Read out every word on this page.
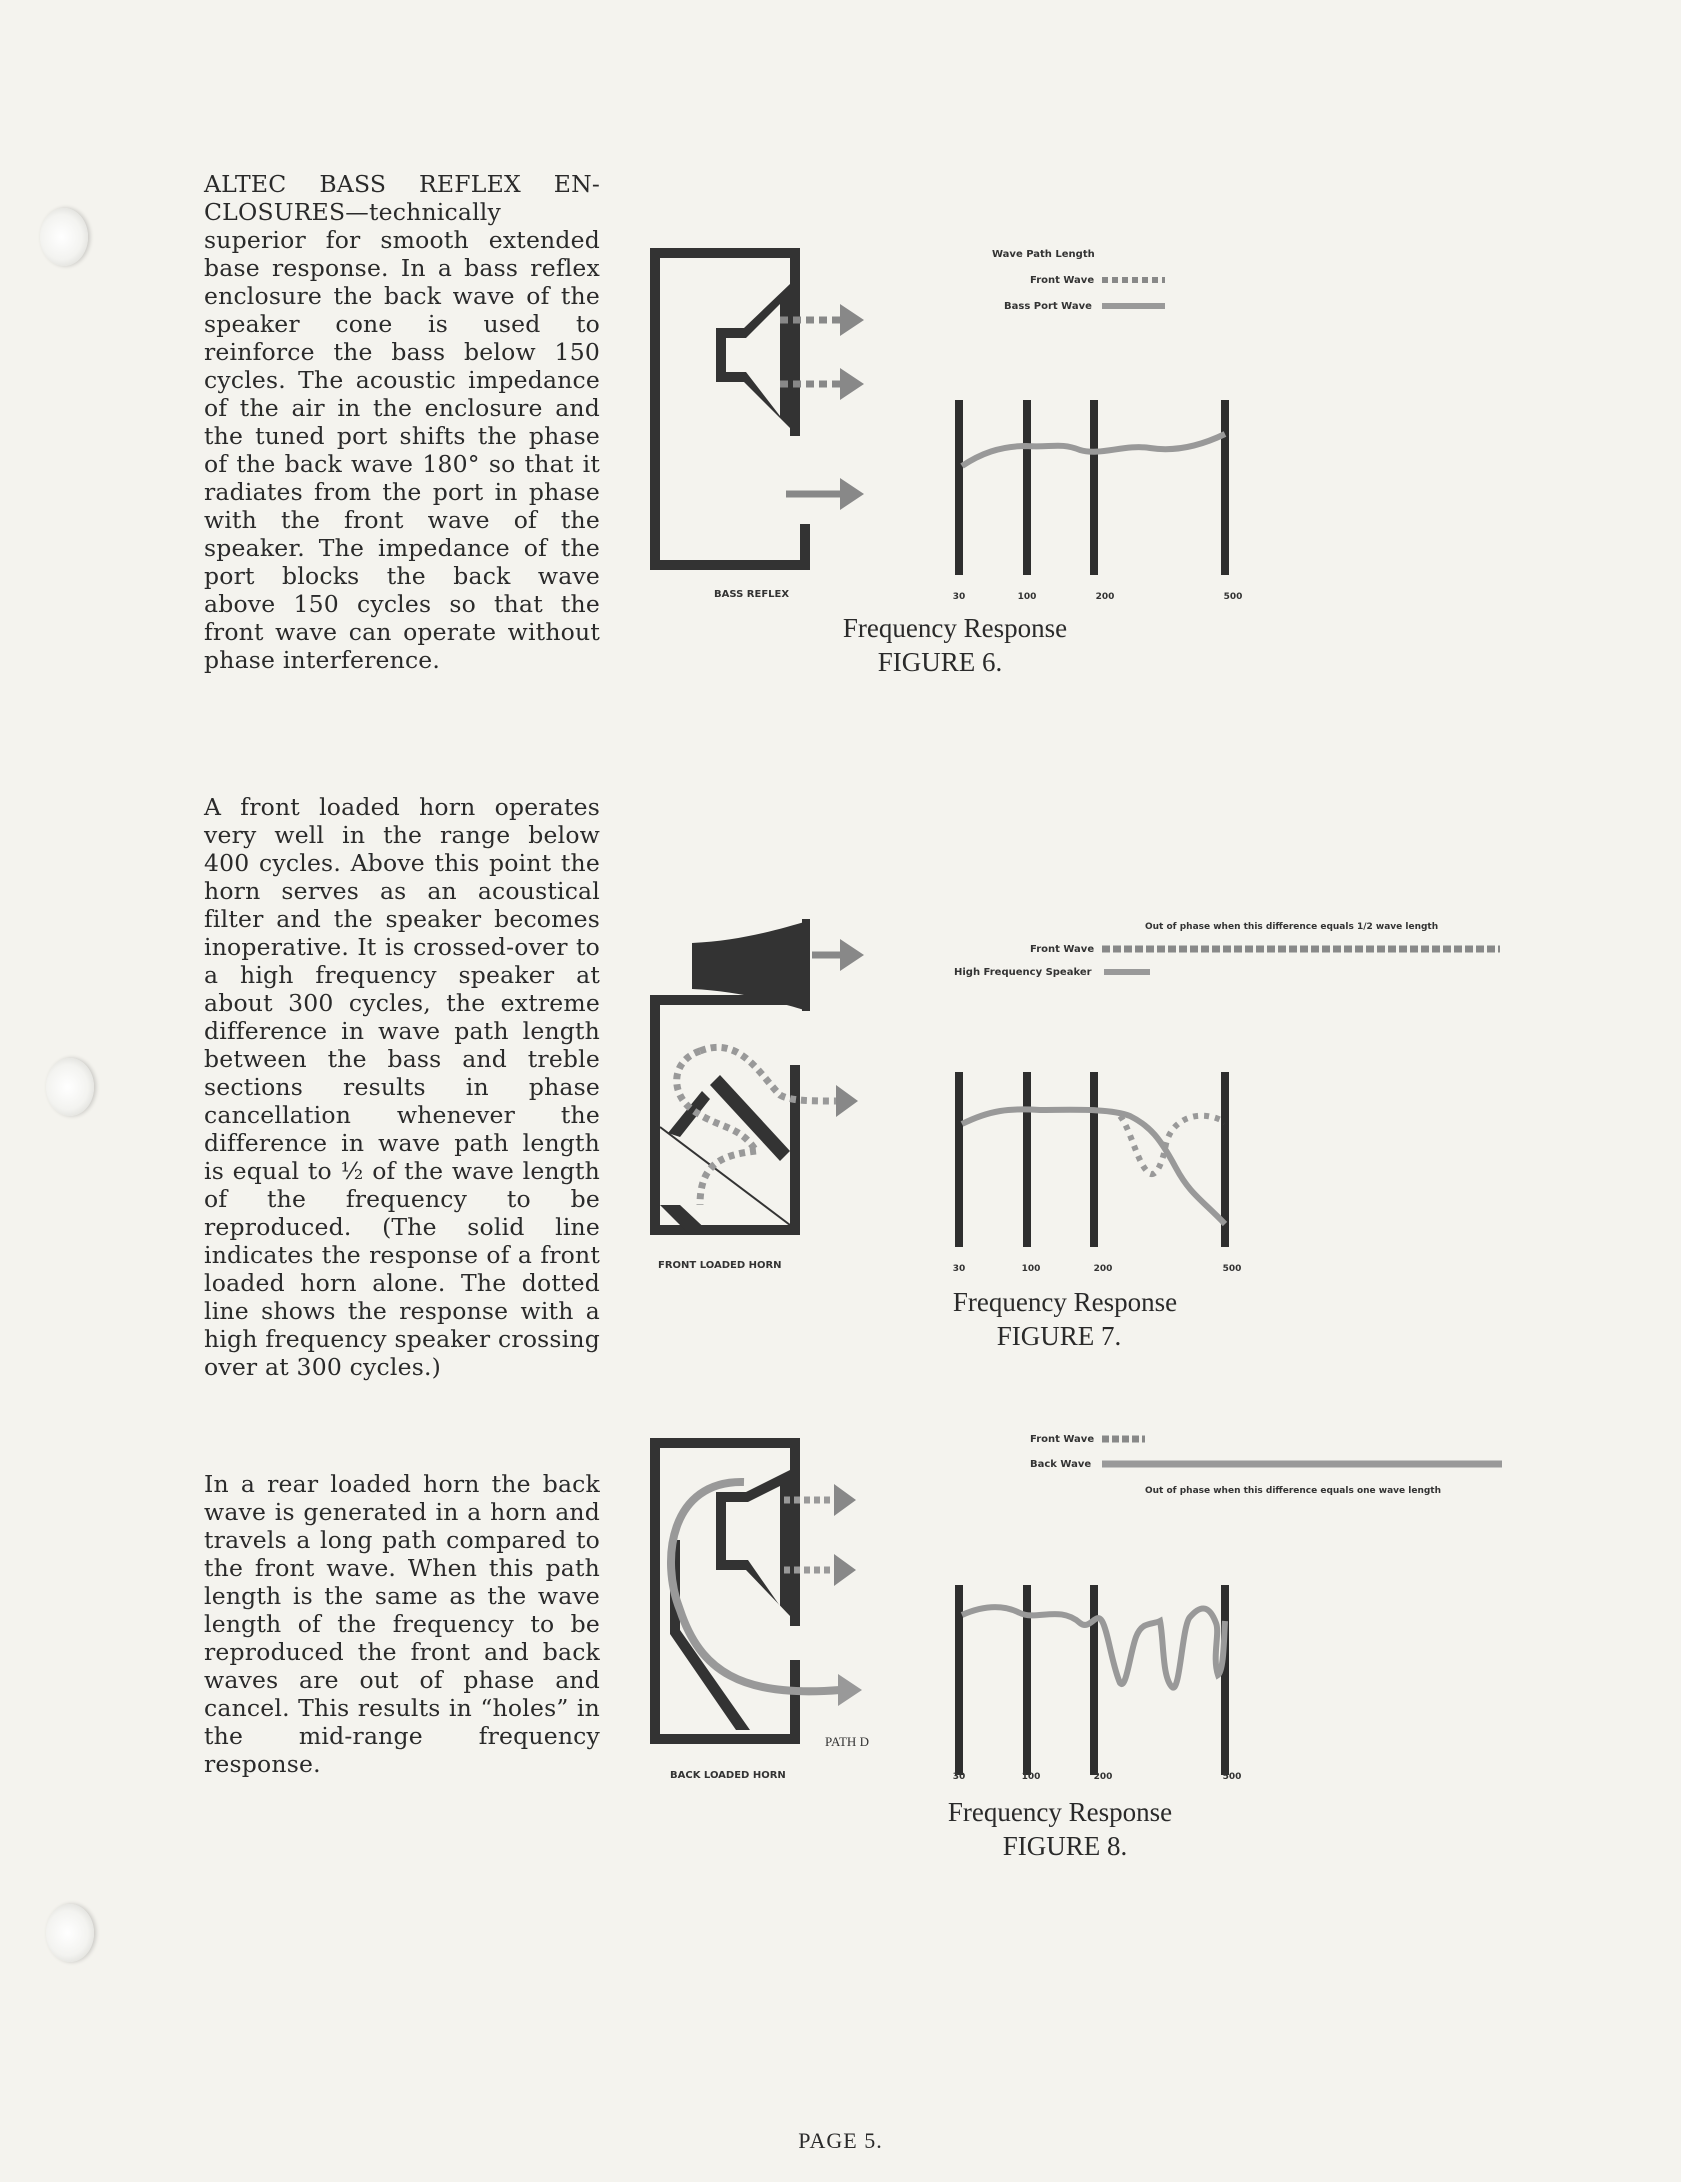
ALTEC BASS REFLEX EN-CLOSURES—technically superior for smooth extended base response. In a bass reflex enclosure the back wave of the speaker cone is used to reinforce the bass below 150 cycles. The acoustic impedance of the air in the enclosure and the tuned port shifts the phase of the back wave 180° so that it radiates from the port in phase with the front wave of the speaker. The impedance of the port blocks the back wave above 150 cycles so that the front wave can operate without phase interference.
A front loaded horn operates very well in the range below 400 cycles. Above this point the horn serves as an acoustical filter and the speaker becomes inoperative. It is crossed-over to a high frequency speaker at about 300 cycles, the extreme difference in wave path length between the bass and treble sections results in phase cancellation whenever the difference in wave path length is equal to ½ of the wave length of the frequency to be reproduced. (The solid line indicates the response of a front loaded horn alone. The dotted line shows the response with a high frequency speaker crossing over at 300 cycles.)
In a rear loaded horn the back wave is generated in a horn and travels a long path compared to the front wave. When this path length is the same as the wave length of the frequency to be reproduced the front and back waves are out of phase and cancel. This results in “holes” in the mid-range frequency response.
BASS REFLEX
Wave Path Length
Front Wave
Bass Port Wave
30	100	200	500
Frequency Response
FIGURE 6.
FRONT LOADED HORN
Out of phase when this difference equals 1/2 wave length
Front Wave
High Frequency Speaker
30	100	200	500
Frequency Response
FIGURE 7.
PATH D
BACK LOADED HORN
Front Wave
Back Wave
Out of phase when this difference equals one wave length
30	100	200	500
Frequency Response
FIGURE 8.
PAGE 5.
